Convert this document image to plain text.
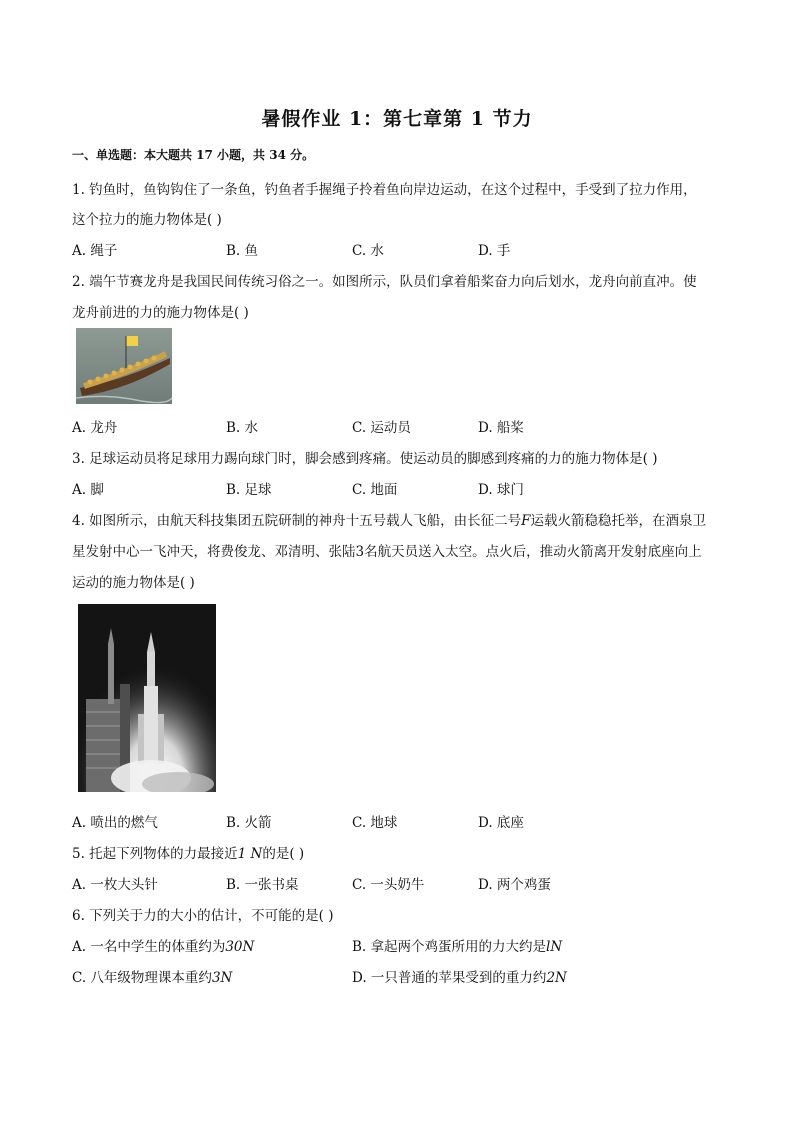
暑假作业 1：第七章第 1 节力
一、单选题：本大题共 17 小题，共 34 分。
1. 钓鱼时，鱼钩钩住了一条鱼，钓鱼者手握绳子拎着鱼向岸边运动，在这个过程中，手受到了拉力作用，
这个拉力的施力物体是( )
A. 绳子	B. 鱼	C. 水	D. 手
2. 端午节赛龙舟是我国民间传统习俗之一。如图所示，队员们拿着船桨奋力向后划水，龙舟向前直冲。使
龙舟前进的力的施力物体是( )
A. 龙舟	B. 水	C. 运动员	D. 船桨
3. 足球运动员将足球用力踢向球门时，脚会感到疼痛。使运动员的脚感到疼痛的力的施力物体是( )
A. 脚	B. 足球	C. 地面	D. 球门
4. 如图所示，由航天科技集团五院研制的神舟十五号载人飞船，由长征二号F运载火箭稳稳托举，在酒泉卫
星发射中心一飞冲天，将费俊龙、邓清明、张陆3名航天员送入太空。点火后，推动火箭离开发射底座向上
运动的施力物体是( )
A. 喷出的燃气	B. 火箭	C. 地球	D. 底座
5. 托起下列物体的力最接近1 N的是( )
A. 一枚大头针	B. 一张书桌	C. 一头奶牛	D. 两个鸡蛋
6. 下列关于力的大小的估计，不可能的是( )
A. 一名中学生的体重约为30N	B. 拿起两个鸡蛋所用的力大约是lN
C. 八年级物理课本重约3N	D. 一只普通的苹果受到的重力约2N
